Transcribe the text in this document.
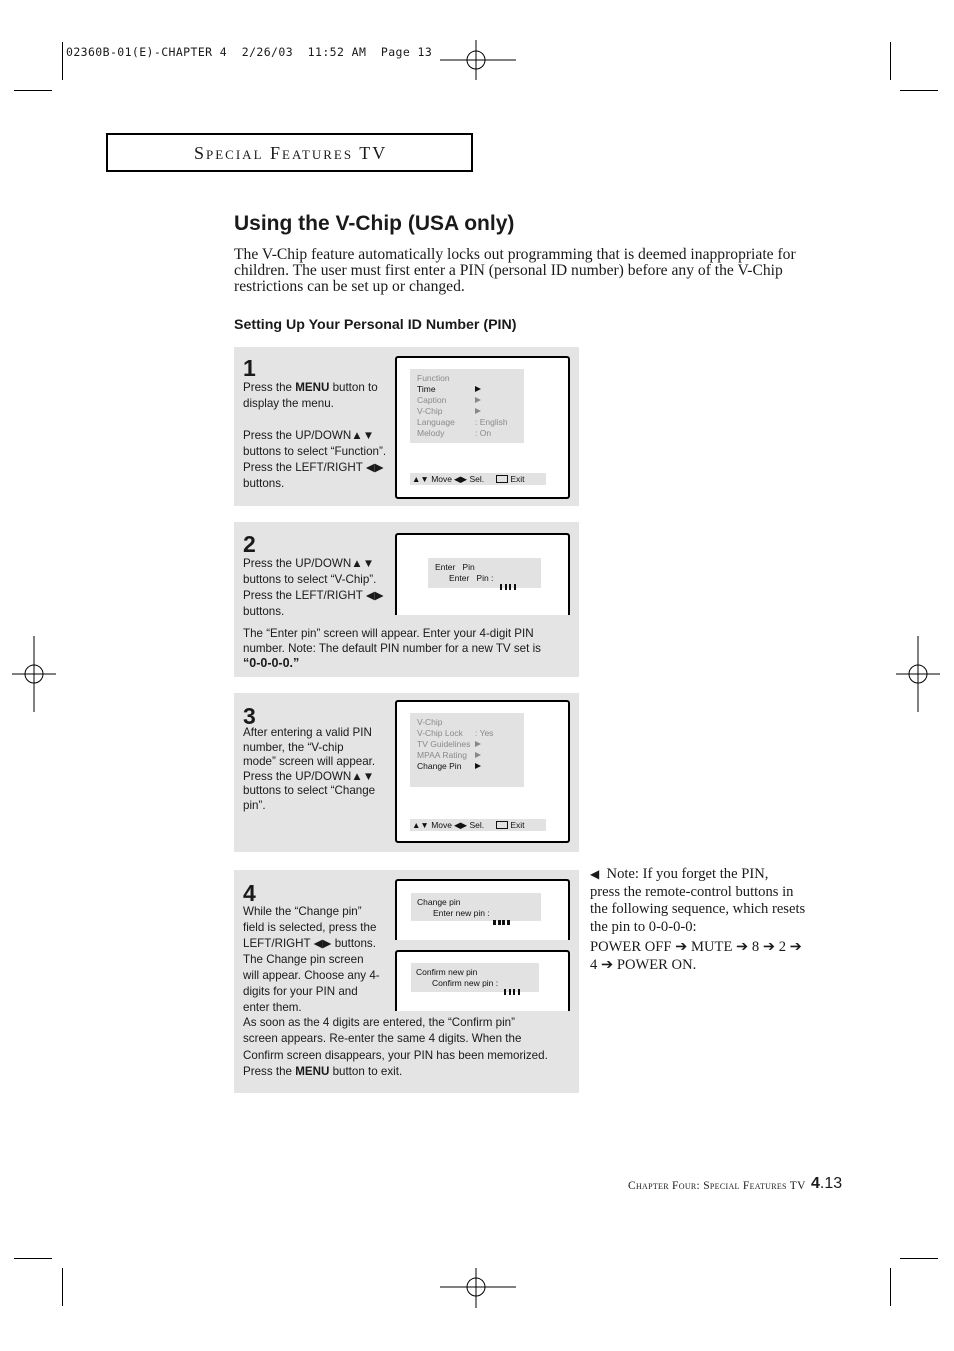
02360B-01(E)-CHAPTER 4  2/26/03  11:52 AM  Page 13
Special Features TV
Using the V-Chip (USA only)
The V-Chip feature automatically locks out programming that is deemed inappropriate for
children. The user must first enter a PIN (personal ID number) before any of the V-Chip
restrictions can be set up or changed.
Setting Up Your Personal ID Number (PIN)
1
Press the MENU button to
display the menu.
Press the UP/DOWN▲▼
buttons to select “Function”.
Press the LEFT/RIGHT ◀▶
buttons.
Function
Time
Caption
V-Chip
Language : English
Melody	: On
▲▼ Move ◀▶ Sel.	Exit
2
Press the UP/DOWN▲▼
buttons to select “V-Chip”.
Press the LEFT/RIGHT ◀▶
buttons.
Enter   Pin
Enter   Pin :
The “Enter pin” screen will appear. Enter your 4-digit PIN
number. Note: The default PIN number for a new TV set is
“0-0-0-0.”
3
After entering a valid PIN
number, the “V-chip
mode” screen will appear.
Press the UP/DOWN▲▼
buttons to select “Change
pin”.
V-Chip
V-Chip Lock : Yes
TV Guidelines
MPAA Rating
Change Pin
▲▼ Move ◀▶ Sel.	Exit
4
While the “Change pin”
field is selected, press the
LEFT/RIGHT ◀▶ buttons.
The Change pin screen
will appear. Choose any 4-
digits for your PIN and
enter them.
Change pin
Enter new pin :
Confirm new pin
Confirm new pin :
As soon as the 4 digits are entered, the “Confirm pin”
screen appears. Re-enter the same 4 digits. When the
Confirm screen disappears, your PIN has been memorized.
Press the MENU button to exit.
◀ Note: If you forget the PIN,
press the remote-control buttons in
the following sequence, which resets
the pin to 0-0-0-0:
POWER OFF ➔ MUTE ➔ 8 ➔ 2 ➔
4 ➔ POWER ON.
Chapter Four: Special Features TV 4.13
